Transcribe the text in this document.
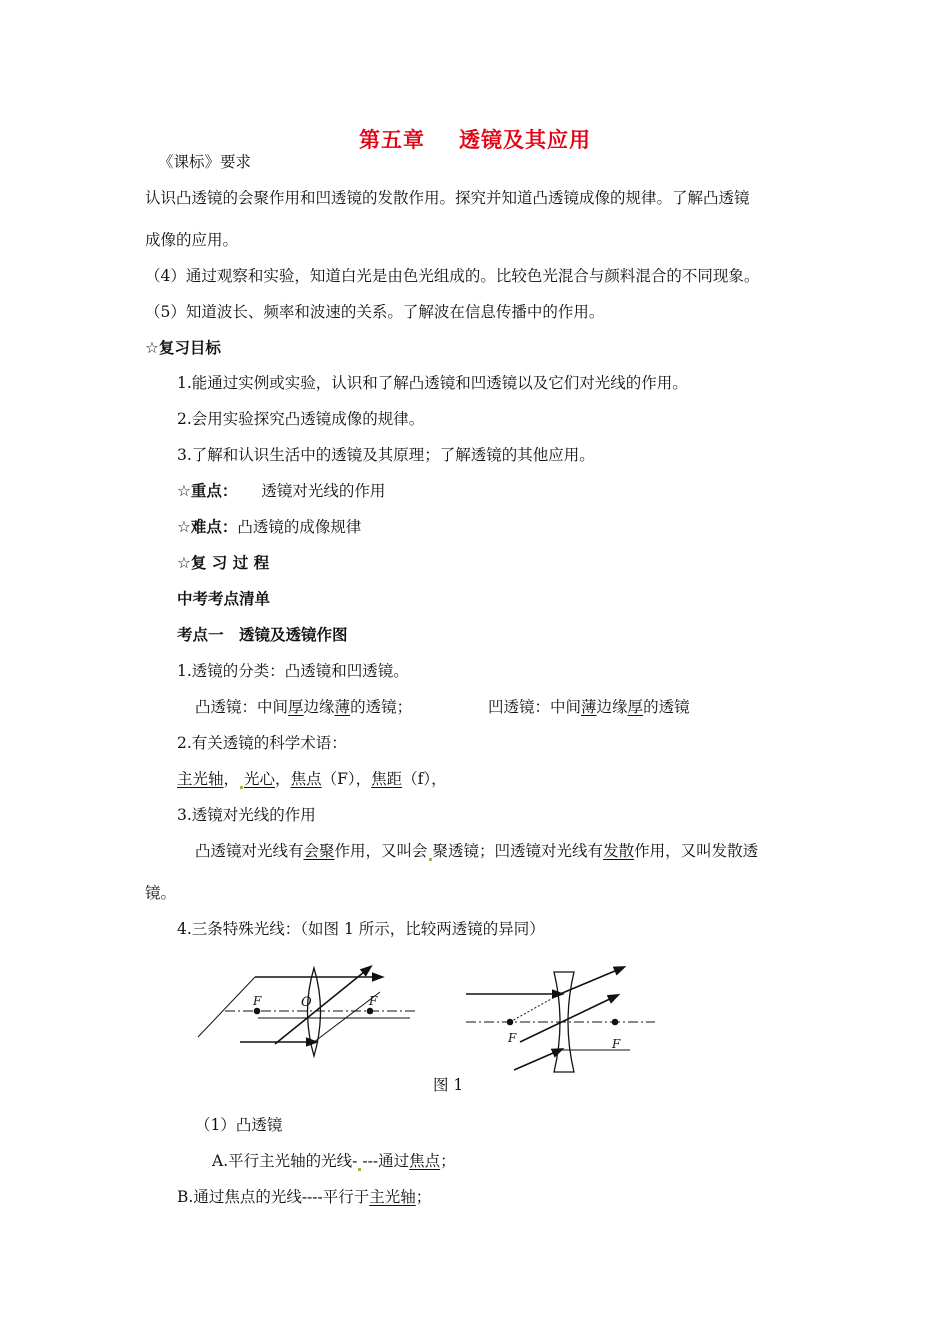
第五章 透镜及其应用
《课标》要求
认识凸透镜的会聚作用和凹透镜的发散作用。探究并知道凸透镜成像的规律。了解凸透镜
成像的应用。
（4）通过观察和实验，知道白光是由色光组成的。比较色光混合与颜料混合的不同现象。
（5）知道波长、频率和波速的关系。了解波在信息传播中的作用。
☆复习目标
1.能通过实例或实验，认识和了解凸透镜和凹透镜以及它们对光线的作用。
2.会用实验探究凸透镜成像的规律。
3.了解和认识生活中的透镜及其原理；了解透镜的其他应用。
☆重点： 透镜对光线的作用
☆难点：凸透镜的成像规律
☆复 习 过 程
中考考点清单
考点一　透镜及透镜作图
1.透镜的分类：凸透镜和凹透镜。
凸透镜：中间厚边缘薄的透镜；	凹透镜：中间薄边缘厚的透镜
2.有关透镜的科学术语：
主光轴， 光心，焦点（F），焦距（f），
3.透镜对光线的作用
凸透镜对光线有会聚作用，又叫会 聚透镜；凹透镜对光线有发散作用，又叫发散透
镜。
4.三条特殊光线：（如图 1 所示，比较两透镜的异同）
F	O	F
F	F
图 1
（1）凸透镜
A.平行主光轴的光线- ---通过焦点；
B.通过焦点的光线----平行于主光轴；
